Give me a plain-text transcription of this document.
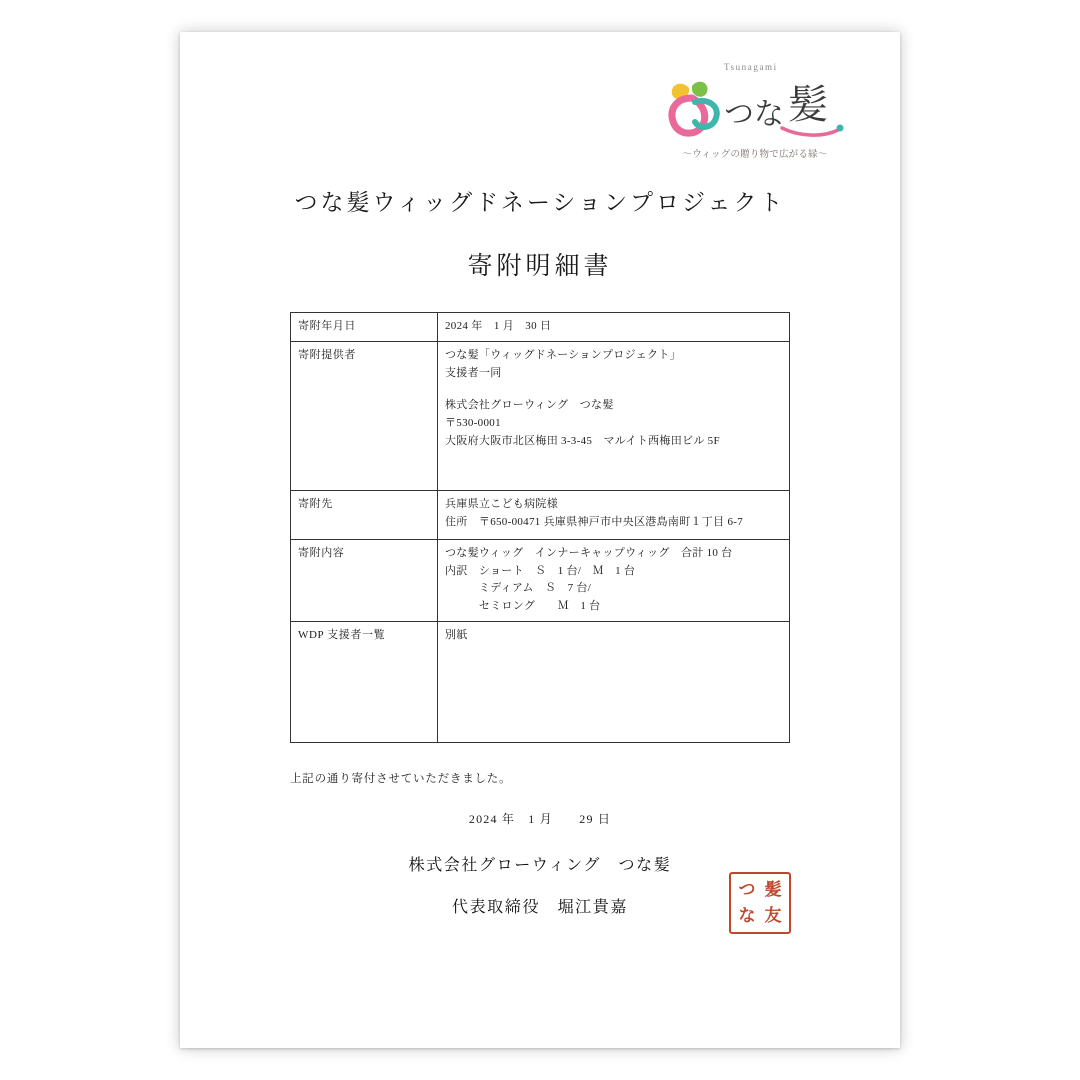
Tsunagami
つな 髪
〜ウィッグの贈り物で広がる縁〜
つな髪ウィッグドネーションプロジェクト
寄附明細書
寄附年月日	2024 年　1 月　30 日

寄附提供者	つな髪「ウィッグドネーションプロジェクト」
支援者一同
株式会社グローウィング　つな髪
〒530-0001
大阪府大阪市北区梅田 3-3-45　マルイト西梅田ビル 5F

寄附先	兵庫県立こども病院様
住所　〒650-00471 兵庫県神戸市中央区港島南町１丁目 6-7

寄附内容	つな髪ウィッグ　インナーキャップウィッグ　合計 10 台
内訳　ショート　Ｓ　1 台/　Ｍ　1 台
　　　ミディアム　Ｓ　7 台/
　　　セミロング　　Ｍ　1 台

WDP 支援者一覧	別紙
上記の通り寄付させていただきました。
2024 年　1 月　　29 日
株式会社グローウィング　つな髪
代表取締役　堀江貴嘉
つ 髪
な 友
